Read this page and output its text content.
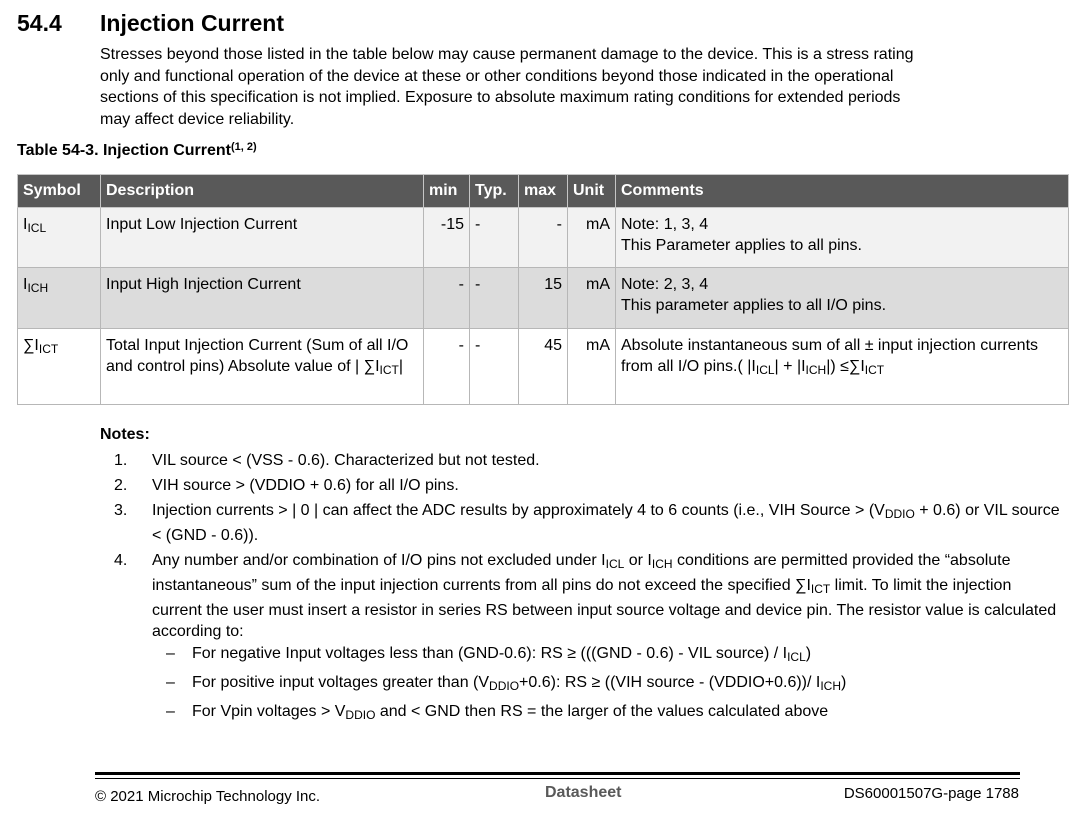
54.4 Injection Current
Stresses beyond those listed in the table below may cause permanent damage to the device. This is a stress rating
only and functional operation of the device at these or other conditions beyond those indicated in the operational
sections of this specification is not implied. Exposure to absolute maximum rating conditions for extended periods
may affect device reliability.
Table 54-3. Injection Current$^{(1, 2)}$
Symbol	Description	min	Typ.	max	Unit	Comments
$I_{ICL}$	Input Low Injection Current	-15	-	-	mA	Note: 1, 3, 4
This Parameter applies to all pins.

$I_{ICH}$	Input High Injection Current	-	-	15	mA	Note: 2, 3, 4
This parameter applies to all I/O pins.

$\sum I_{ICT}$	Total Input Injection Current (Sum of all I/O and control pins) Absolute value of | $\sum I_{ICT}|$	-	-	45	mA	Absolute instantaneous sum of all ± input injection currents from all I/O pins.( $|I_{ICL}| + |I_{ICH}|) \le\sum I_{ICT}$
Notes:
1. VIL source < (VSS - 0.6). Characterized but not tested.
2. VIH source > (VDDIO + 0.6) for all I/O pins.
3. Injection currents > | 0 | can affect the ADC results by approximately 4 to 6 counts (i.e., VIH Source > $(V_{DDIO} + 0.6)$ or VIL source < (GND - 0.6)).
4. Any number and/or combination of I/O pins not excluded under $I_{ICL}$ or $I_{ICH}$ conditions are permitted provided the “absolute instantaneous” sum of the input injection currents from all pins do not exceed the specified $\sum I_{ICT}$ limit. To limit the injection current the user must insert a resistor in series RS between input source voltage and device pin. The resistor value is calculated according to:
– For negative Input voltages less than (GND-0.6): RS ≥ (((GND - 0.6) - VIL source) / $I_{ICL}$)
– For positive input voltages greater than $(V_{DDIO}+0.6)$: RS ≥ ((VIH source - (VDDIO+0.6))/ $I_{ICH}$)
– For Vpin voltages > $V_{DDIO}$ and < GND then RS = the larger of the values calculated above
© 2021 Microchip Technology Inc.	Datasheet	DS60001507G-page 1788
